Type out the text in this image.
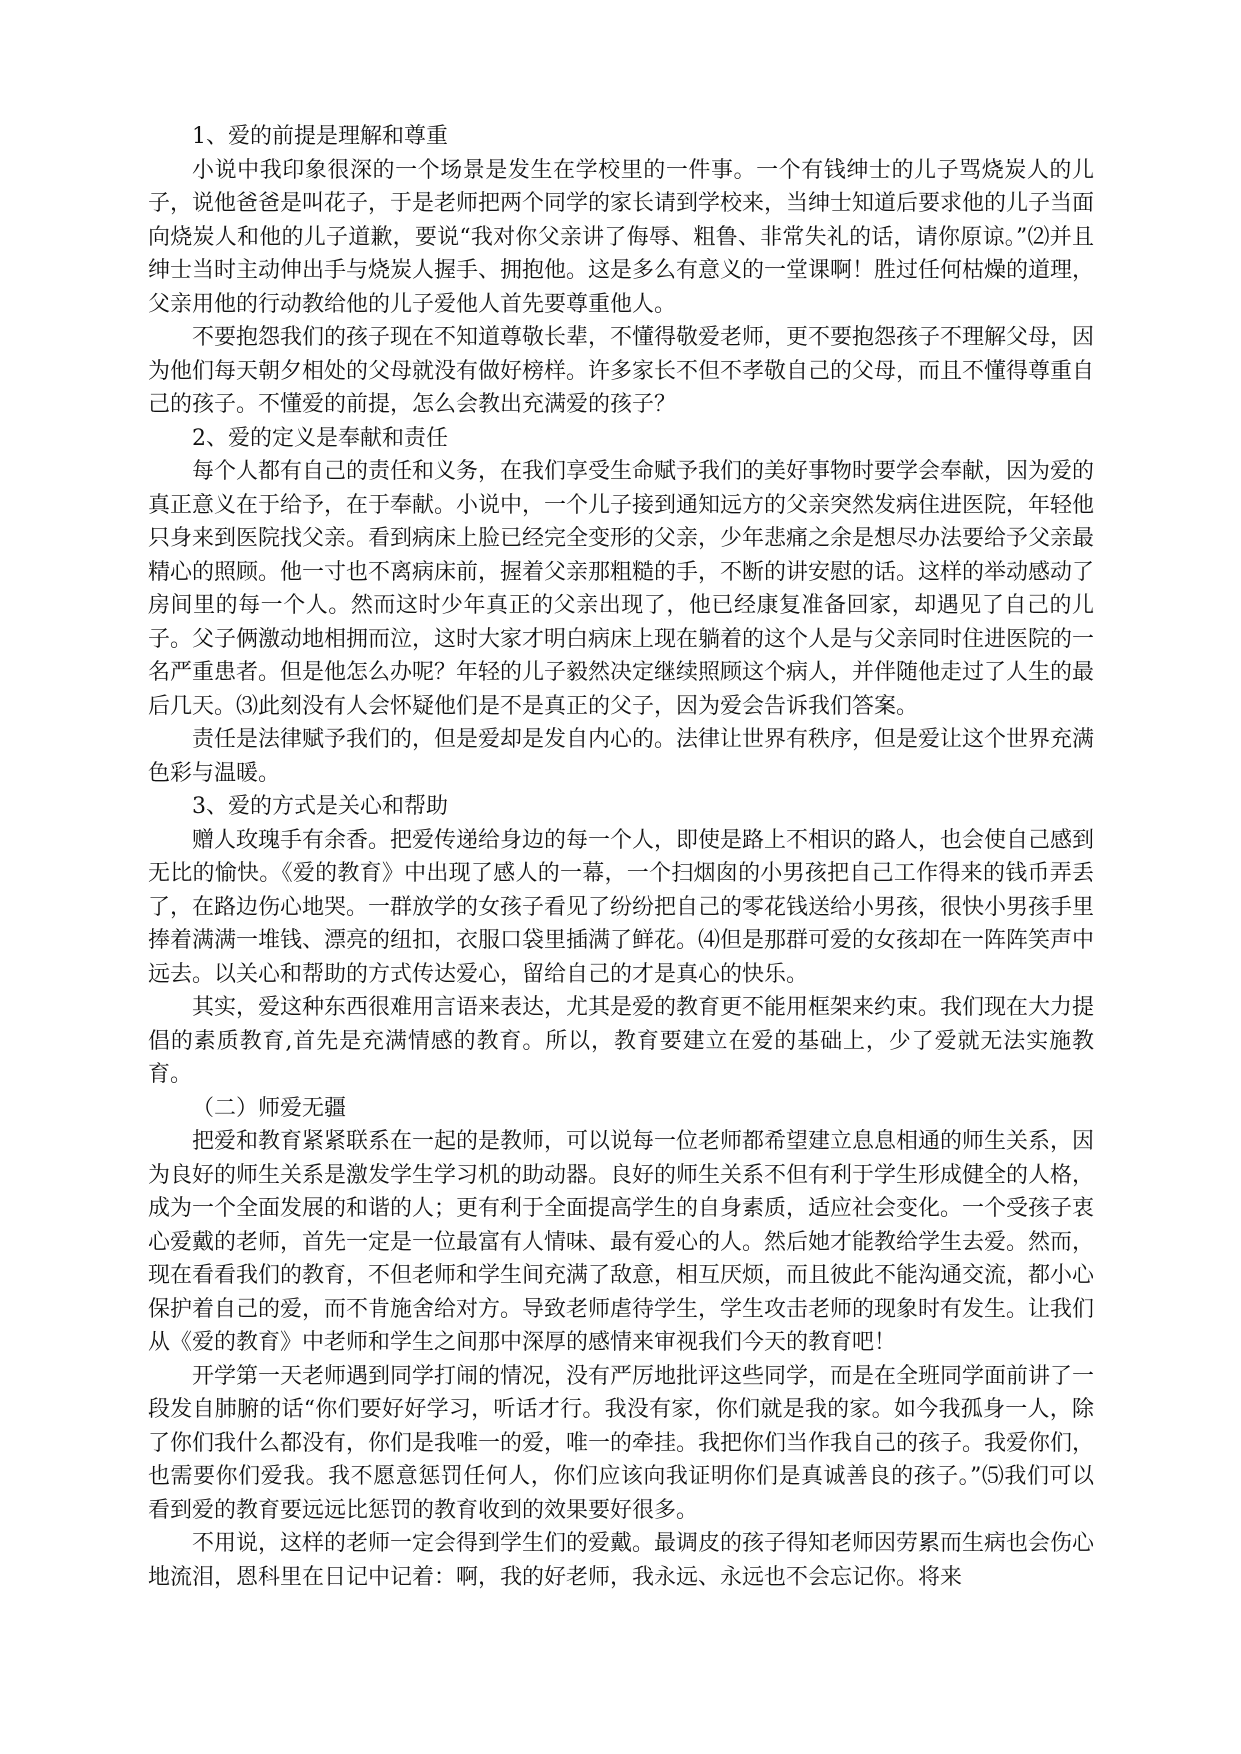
1、爱的前提是理解和尊重

小说中我印象很深的一个场景是发生在学校里的一件事。一个有钱绅士的儿子骂烧炭人的儿子，说他爸爸是叫花子，于是老师把两个同学的家长请到学校来，当绅士知道后要求他的儿子当面向烧炭人和他的儿子道歉，要说“我对你父亲讲了侮辱、粗鲁、非常失礼的话，请你原谅。”⑵并且绅士当时主动伸出手与烧炭人握手、拥抱他。这是多么有意义的一堂课啊！胜过任何枯燥的道理，父亲用他的行动教给他的儿子爱他人首先要尊重他人。

不要抱怨我们的孩子现在不知道尊敬长辈，不懂得敬爱老师，更不要抱怨孩子不理解父母，因为他们每天朝夕相处的父母就没有做好榜样。许多家长不但不孝敬自己的父母，而且不懂得尊重自己的孩子。不懂爱的前提，怎么会教出充满爱的孩子？

2、爱的定义是奉献和责任

每个人都有自己的责任和义务，在我们享受生命赋予我们的美好事物时要学会奉献，因为爱的真正意义在于给予，在于奉献。小说中，一个儿子接到通知远方的父亲突然发病住进医院，年轻他只身来到医院找父亲。看到病床上脸已经完全变形的父亲，少年悲痛之余是想尽办法要给予父亲最精心的照顾。他一寸也不离病床前，握着父亲那粗糙的手，不断的讲安慰的话。这样的举动感动了房间里的每一个人。然而这时少年真正的父亲出现了，他已经康复准备回家，却遇见了自己的儿子。父子俩激动地相拥而泣，这时大家才明白病床上现在躺着的这个人是与父亲同时住进医院的一名严重患者。但是他怎么办呢？年轻的儿子毅然决定继续照顾这个病人，并伴随他走过了人生的最后几天。⑶此刻没有人会怀疑他们是不是真正的父子，因为爱会告诉我们答案。

责任是法律赋予我们的，但是爱却是发自内心的。法律让世界有秩序，但是爱让这个世界充满色彩与温暖。

3、爱的方式是关心和帮助

赠人玫瑰手有余香。把爱传递给身边的每一个人，即使是路上不相识的路人，也会使自己感到无比的愉快。《爱的教育》中出现了感人的一幕，一个扫烟囱的小男孩把自己工作得来的钱币弄丢了，在路边伤心地哭。一群放学的女孩子看见了纷纷把自己的零花钱送给小男孩，很快小男孩手里捧着满满一堆钱、漂亮的纽扣，衣服口袋里插满了鲜花。⑷但是那群可爱的女孩却在一阵阵笑声中远去。以关心和帮助的方式传达爱心，留给自己的才是真心的快乐。

其实，爱这种东西很难用言语来表达，尤其是爱的教育更不能用框架来约束。我们现在大力提倡的素质教育,首先是充满情感的教育。所以，教育要建立在爱的基础上，少了爱就无法实施教育。

（二）师爱无疆

把爱和教育紧紧联系在一起的是教师，可以说每一位老师都希望建立息息相通的师生关系，因为良好的师生关系是激发学生学习机的助动器。良好的师生关系不但有利于学生形成健全的人格，成为一个全面发展的和谐的人；更有利于全面提高学生的自身素质，适应社会变化。一个受孩子衷心爱戴的老师，首先一定是一位最富有人情味、最有爱心的人。然后她才能教给学生去爱。然而，现在看看我们的教育，不但老师和学生间充满了敌意，相互厌烦，而且彼此不能沟通交流，都小心保护着自己的爱，而不肯施舍给对方。导致老师虐待学生，学生攻击老师的现象时有发生。让我们从《爱的教育》中老师和学生之间那中深厚的感情来审视我们今天的教育吧！

开学第一天老师遇到同学打闹的情况，没有严厉地批评这些同学，而是在全班同学面前讲了一段发自肺腑的话“你们要好好学习，听话才行。我没有家，你们就是我的家。如今我孤身一人，除了你们我什么都没有，你们是我唯一的爱，唯一的牵挂。我把你们当作我自己的孩子。我爱你们，也需要你们爱我。我不愿意惩罚任何人，你们应该向我证明你们是真诚善良的孩子。”⑸我们可以看到爱的教育要远远比惩罚的教育收到的效果要好很多。

不用说，这样的老师一定会得到学生们的爱戴。最调皮的孩子得知老师因劳累而生病也会伤心地流泪，恩科里在日记中记着：啊，我的好老师，我永远、永远也不会忘记你。将来
